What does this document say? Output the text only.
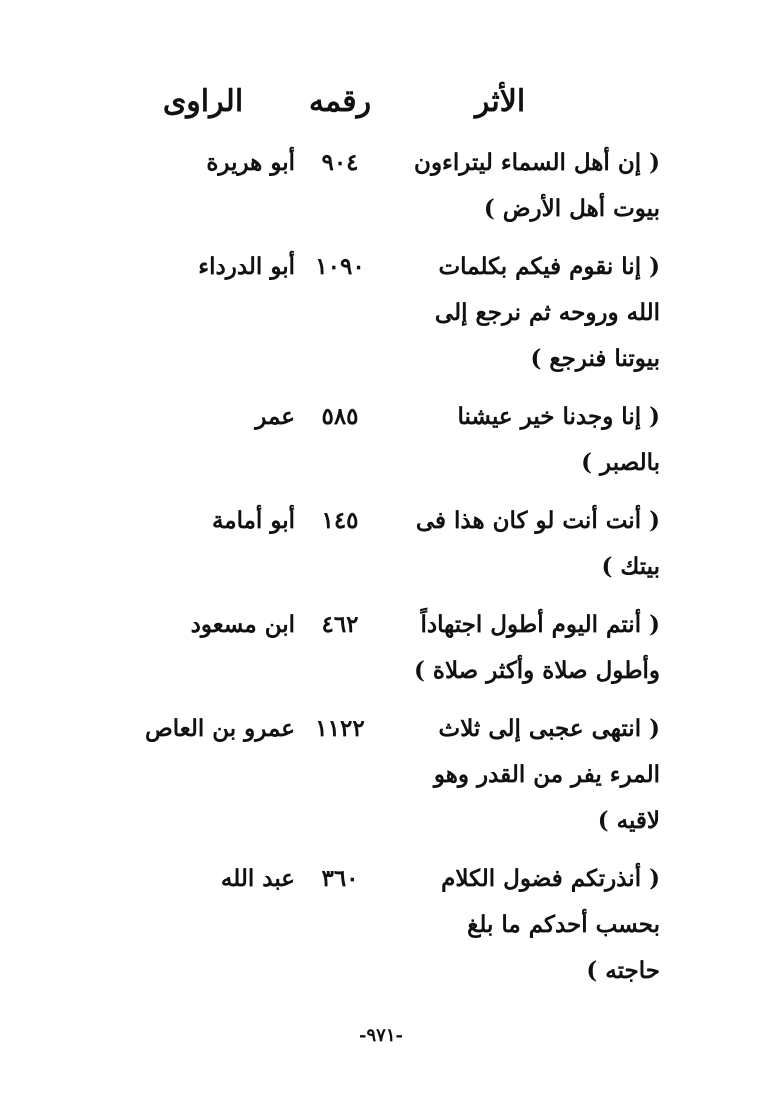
الأثر
رقمه
الراوى
( إن أهل السماء ليتراءون
بيوت أهل الأرض )
٩٠٤
أبو هريرة
( إنا نقوم فيكم بكلمات
الله وروحه ثم نرجع إلى
بيوتنا فنرجع )
١٠٩٠
أبو الدرداء
( إنا وجدنا خير عيشنا
بالصبر )
٥٨٥
عمر
( أنت أنت لو كان هذا فى
بيتك )
١٤٥
أبو أمامة
( أنتم اليوم أطول اجتهاداً
وأطول صلاة وأكثر صلاة )
٤٦٢
ابن مسعود
( انتهى عجبى إلى ثلاث
المرء يفر من القدر وهو
لاقيه )
١١٢٢
عمرو بن العاص
( أنذرتكم فضول الكلام
بحسب أحدكم ما بلغ
حاجته )
٣٦٠
عبد الله
-٩٧١-
